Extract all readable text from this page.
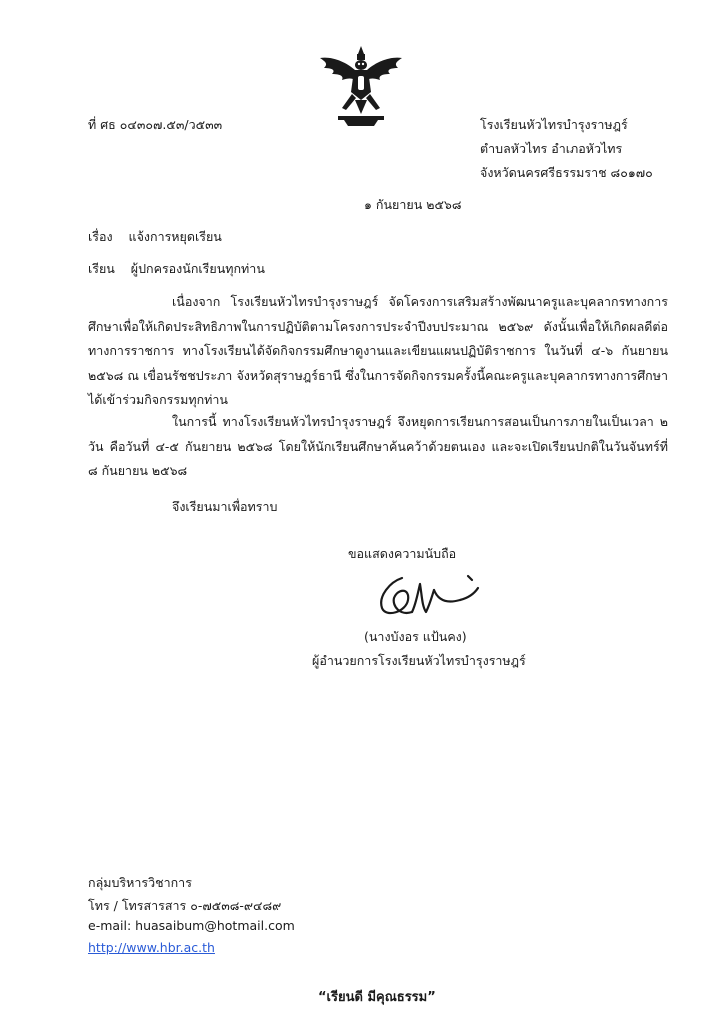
ที่ ศธ ๐๔๓๐๗.๕๓/ว๕๓๓	โรงเรียนหัวไทรบำรุงราษฎร์
ตำบลหัวไทร อำเภอหัวไทร
จังหวัดนครศรีธรรมราช ๘๐๑๗๐
๑ กันยายน ๒๕๖๘
เรื่อง แจ้งการหยุดเรียน
เรียน ผู้ปกครองนักเรียนทุกท่าน
เนื่องจาก โรงเรียนหัวไทรบำรุงราษฎร์ จัดโครงการเสริมสร้างพัฒนาครูและบุคลากรทางการศึกษาเพื่อให้เกิดประสิทธิภาพในการปฏิบัติตามโครงการประจำปีงบประมาณ ๒๕๖๙ ดังนั้นเพื่อให้เกิดผลดีต่อทางการราชการ ทางโรงเรียนได้จัดกิจกรรมศึกษาดูงานและเขียนแผนปฏิบัติราชการ ในวันที่ ๔-๖ กันยายน ๒๕๖๘ ณ เขื่อนรัชชประภา จังหวัดสุราษฎร์ธานี ซึ่งในการจัดกิจกรรมครั้งนี้คณะครูและบุคลากรทางการศึกษาได้เข้าร่วมกิจกรรมทุกท่าน
ในการนี้ ทางโรงเรียนหัวไทรบำรุงราษฎร์ จึงหยุดการเรียนการสอนเป็นการภายในเป็นเวลา ๒ วัน คือวันที่ ๔-๕ กันยายน ๒๕๖๘ โดยให้นักเรียนศึกษาค้นคว้าด้วยตนเอง และจะเปิดเรียนปกติในวันจันทร์ที่ ๘ กันยายน ๒๕๖๘
จึงเรียนมาเพื่อทราบ
ขอแสดงความนับถือ
(นางบังอร แป้นคง)
ผู้อำนวยการโรงเรียนหัวไทรบำรุงราษฎร์
กลุ่มบริหารวิชาการ
โทร / โทรสารสาร ๐-๗๕๓๘-๙๔๘๙
e-mail: huasaibum@hotmail.com
http://www.hbr.ac.th
“เรียนดี มีคุณธรรม”
